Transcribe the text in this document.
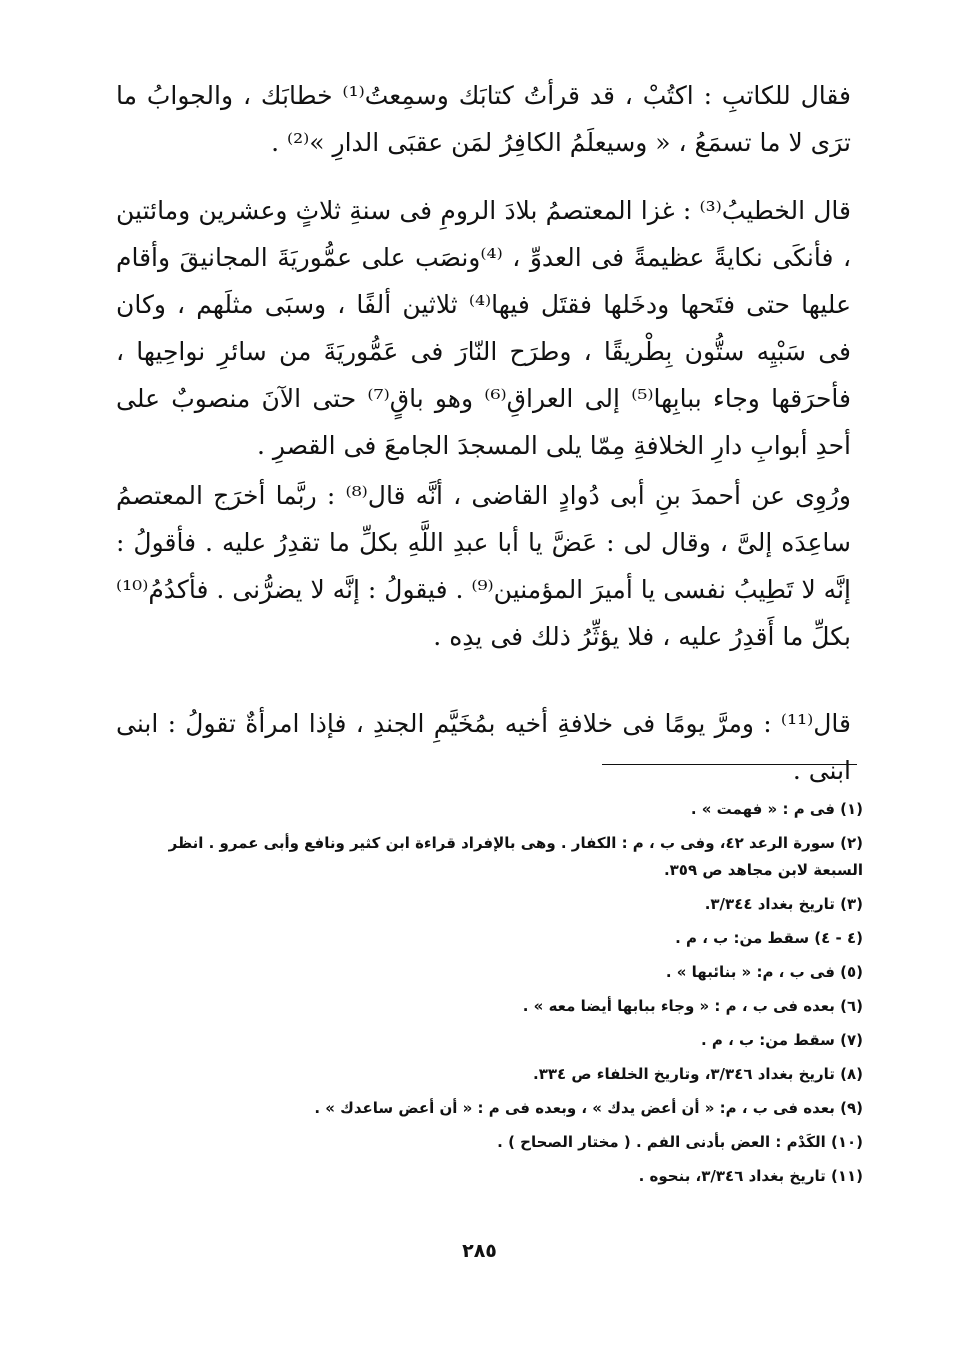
فقال للكاتبِ : اكتُبْ ، قد قرأتُ كتابَك وسمِعتُ⁽¹⁾ خطابَك ، والجوابُ ما ترَى لا ما تسمَعُ ، « وسيعلَمُ الكافِرُ لمَن عقبَى الدارِ »⁽²⁾ .

قال الخطيبُ⁽³⁾ : غزا المعتصمُ بلادَ الرومِ فى سنةِ ثلاثٍ وعشرين ومائتين ، فأنكَى نكايةً عظيمةً فى العدوِّ ، ⁽⁴⁾ونصَب على عمُّوريَةَ المجانيقَ وأقام عليها حتى فتَحها ودخَلها فقتَل فيها⁽⁴⁾ ثلاثين ألفًا ، وسبَى مثلَهم ، وكان فى سَبْيِه ستُّون بِطْريقًا ، وطرَح النّارَ فى عَمُّوريَةَ من سائرِ نواحِيها ، فأحرَقها وجاء ببابِها⁽⁵⁾ إلى العراقِ⁽⁶⁾ وهو باقٍ⁽⁷⁾ حتى الآنَ منصوبٌ على أحدِ أبوابِ دارِ الخلافةِ مِمّا يلى المسجدَ الجامعَ فى القصرِ .

ورُوِى عن أحمدَ بنِ أبى دُوادٍ القاضى ، أنَّه قال⁽⁸⁾ : ربَّما أخرَج المعتصمُ ساعِدَه إلىَّ ، وقال لى : عَضَّ يا أبا عبدِ اللَّهِ بكلِّ ما تقدِرُ عليه . فأقولُ : إنَّه لا تَطِيبُ نفسى يا أميرَ المؤمنين⁽⁹⁾ . فيقولُ : إنَّه لا يضرُّنى . فأكدُمُ⁽¹⁰⁾ بكلِّ ما أَقدِرُ عليه ، فلا يؤثِّرُ ذلك فى يدِه .

قال⁽¹¹⁾ : ومرَّ يومًا فى خلافةِ أخيه بمُخَيَّمِ الجندِ ، فإذا امرأةٌ تقولُ : ابنى ابنى .

(١) فى م : « فهمت » .
(٢) سورة الرعد ٤٢، وفى ب ، م : الكفار . وهى بالإفراد قراءة ابن كثير ونافع وأبى عمرو . انظر السبعة لابن مجاهد ص ٣٥٩.
(٣) تاريخ بغداد ٣/٣٤٤.
(٤ - ٤) سقط من: ب ، م .
(٥) فى ب ، م: « بنائبها » .
(٦) بعده فى ب ، م : « وجاء ببابها أيضا معه » .
(٧) سقط من: ب ، م .
(٨) تاريخ بغداد ٣/٣٤٦، وتاريخ الخلفاء ص ٣٣٤.
(٩) بعده فى ب ، م: « أن أعض يدك » ، وبعده فى م : « أن أعض ساعدك » .
(١٠) الكَدْم : العض بأدنى الفم . ( مختار الصحاح ) .
(١١) تاريخ بغداد ٣/٣٤٦، بنحوه .
٢٨٥
